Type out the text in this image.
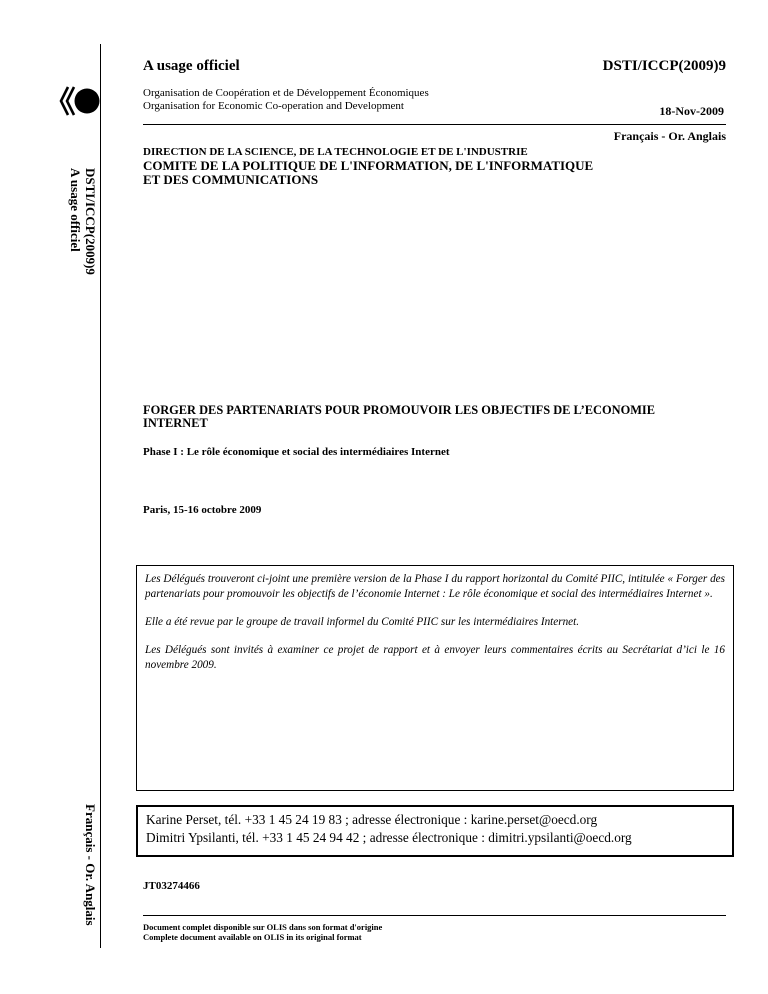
DSTI/ICCP(2009)9
A usage officiel
Français - Or. Anglais
A usage officiel	DSTI/ICCP(2009)9
Organisation de Coopération et de Développement Économiques
Organisation for Economic Co-operation and Development	18-Nov-2009
Français - Or. Anglais
DIRECTION DE LA SCIENCE, DE LA TECHNOLOGIE ET DE L'INDUSTRIE
COMITE DE LA POLITIQUE DE L'INFORMATION, DE L'INFORMATIQUE
ET DES COMMUNICATIONS
FORGER DES PARTENARIATS POUR PROMOUVOIR LES OBJECTIFS DE L’ECONOMIE
INTERNET
Phase I : Le rôle économique et social des intermédiaires Internet
Paris, 15-16 octobre 2009

Les Délégués trouveront ci-joint une première version de la Phase I du rapport horizontal du Comité PIIC, intitulée « Forger des partenariats pour promouvoir les objectifs de l’économie Internet : Le rôle économique et social des intermédiaires Internet ».

Elle a été revue par le groupe de travail informel du Comité PIIC sur les intermédiaires Internet.

Les Délégués sont invités à examiner ce projet de rapport et à envoyer leurs commentaires écrits au Secrétariat d’ici le 16 novembre 2009.

Karine Perset, tél. +33 1 45 24 19 83 ; adresse électronique : karine.perset@oecd.org
Dimitri Ypsilanti, tél. +33 1 45 24 94 42 ; adresse électronique : dimitri.ypsilanti@oecd.org
JT03274466
Document complet disponible sur OLIS dans son format d'origine
Complete document available on OLIS in its original format
